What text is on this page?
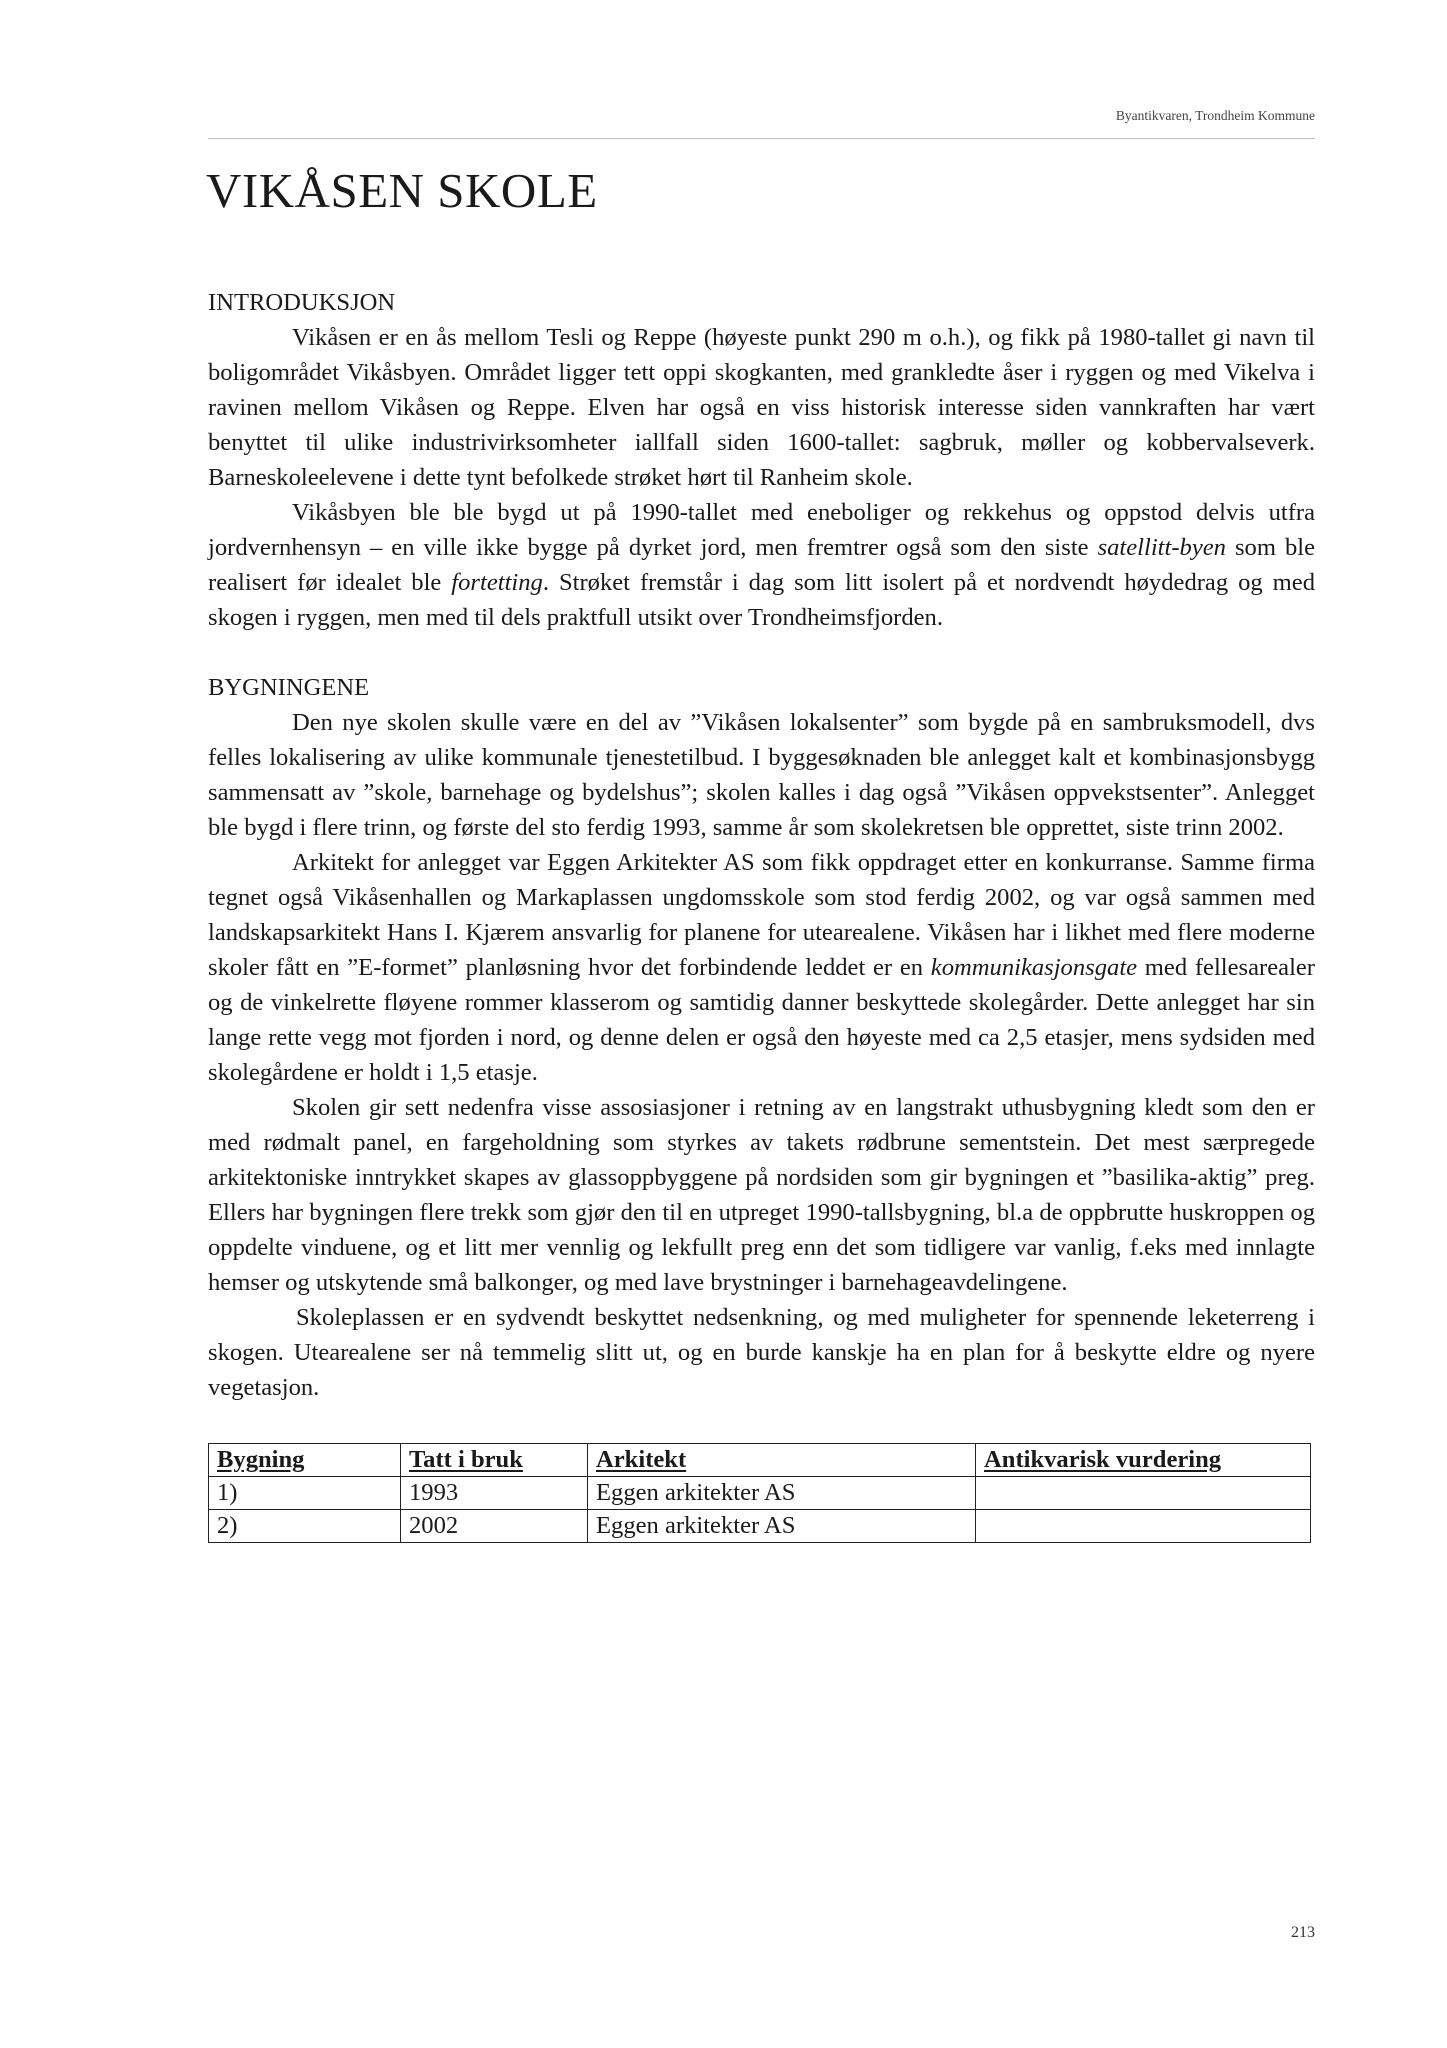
Byantikvaren, Trondheim Kommune
VIKÅSEN SKOLE
INTRODUKSJON

Vikåsen er en ås mellom Tesli og Reppe (høyeste punkt 290 m o.h.), og fikk på 1980-tallet gi navn til boligområdet Vikåsbyen. Området ligger tett oppi skogkanten, med grankledte åser i ryggen og med Vikelva i ravinen mellom Vikåsen og Reppe. Elven har også en viss historisk interesse siden vannkraften har vært benyttet til ulike industrivirksomheter iallfall siden 1600-tallet: sagbruk, møller og kobbervalseverk. Barneskoleelevene i dette tynt befolkede strøket hørt til Ranheim skole.

Vikåsbyen ble ble bygd ut på 1990-tallet med eneboliger og rekkehus og oppstod delvis utfra jordvernhensyn – en ville ikke bygge på dyrket jord, men fremtrer også som den siste satellitt-byen som ble realisert før idealet ble fortetting. Strøket fremstår i dag som litt isolert på et nordvendt høydedrag og med skogen i ryggen, men med til dels praktfull utsikt over Trondheimsfjorden.

BYGNINGENE

Den nye skolen skulle være en del av ”Vikåsen lokalsenter” som bygde på en sambruksmodell, dvs felles lokalisering av ulike kommunale tjenestetilbud. I byggesøknaden ble anlegget kalt et kombinasjonsbygg sammensatt av ”skole, barnehage og bydelshus”; skolen kalles i dag også ”Vikåsen oppvekstsenter”. Anlegget ble bygd i flere trinn, og første del sto ferdig 1993, samme år som skolekretsen ble opprettet, siste trinn 2002.

Arkitekt for anlegget var Eggen Arkitekter AS som fikk oppdraget etter en konkurranse. Samme firma tegnet også Vikåsenhallen og Markaplassen ungdomsskole som stod ferdig 2002, og var også sammen med landskapsarkitekt Hans I. Kjærem ansvarlig for planene for utearealene. Vikåsen har i likhet med flere moderne skoler fått en ”E-formet” planløsning hvor det forbindende leddet er en kommunikasjonsgate med fellesarealer og de vinkelrette fløyene rommer klasserom og samtidig danner beskyttede skolegårder. Dette anlegget har sin lange rette vegg mot fjorden i nord, og denne delen er også den høyeste med ca 2,5 etasjer, mens sydsiden med skolegårdene er holdt i 1,5 etasje.

Skolen gir sett nedenfra visse assosiasjoner i retning av en langstrakt uthusbygning kledt som den er med rødmalt panel, en fargeholdning som styrkes av takets rødbrune sementstein. Det mest særpregede arkitektoniske inntrykket skapes av glassoppbyggene på nordsiden som gir bygningen et ”basilika-aktig” preg. Ellers har bygningen flere trekk som gjør den til en utpreget 1990-tallsbygning, bl.a de oppbrutte huskroppen og oppdelte vinduene, og et litt mer vennlig og lekfullt preg enn det som tidligere var vanlig, f.eks med innlagte hemser og utskytende små balkonger, og med lave brystninger i barnehageavdelingene.

Skoleplassen er en sydvendt beskyttet nedsenkning, og med muligheter for spennende leketerreng i skogen. Utearealene ser nå temmelig slitt ut, og en burde kanskje ha en plan for å beskytte eldre og nyere vegetasjon.

Bygning	Tatt i bruk	Arkitekt	Antikvarisk vurdering
1)	1993	Eggen arkitekter AS	
2)	2002	Eggen arkitekter AS	
213
